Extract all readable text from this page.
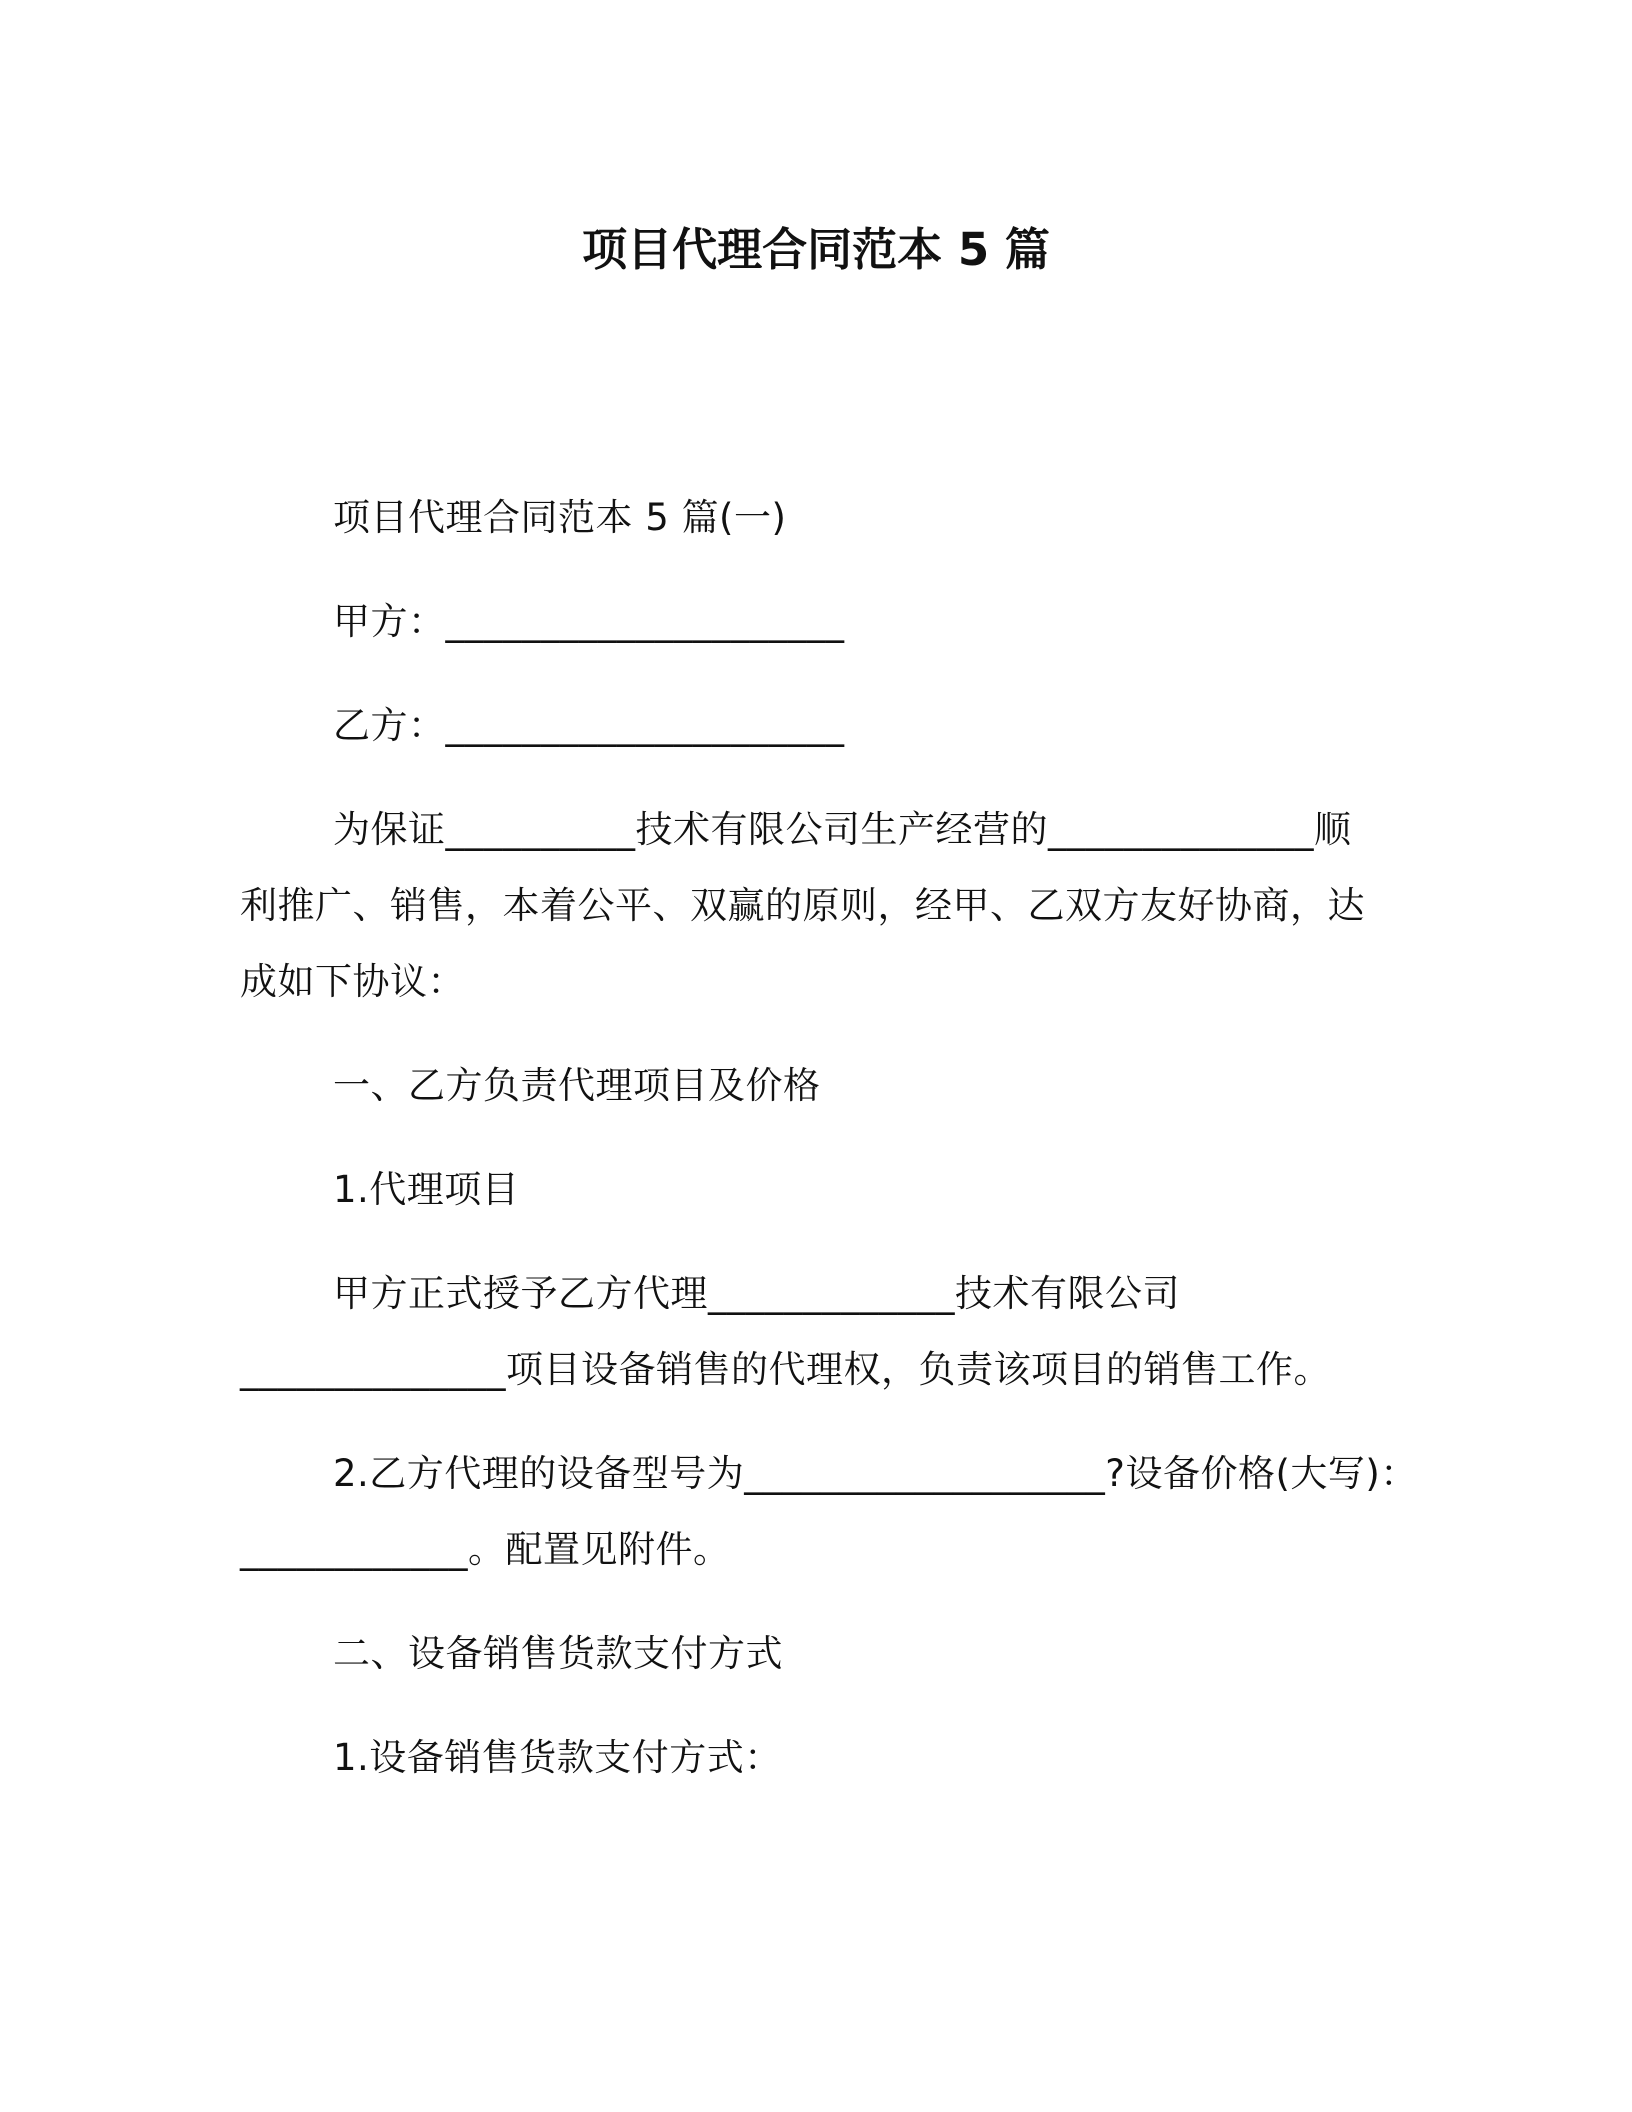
项目代理合同范本 5 篇
项目代理合同范本 5 篇(一)
甲方：_____________________
乙方：_____________________
为保证__________技术有限公司生产经营的______________顺
利推广、销售，本着公平、双赢的原则，经甲、乙双方友好协商，达
成如下协议：
一、乙方负责代理项目及价格
1.代理项目
甲方正式授予乙方代理_____________技术有限公司
______________项目设备销售的代理权，负责该项目的销售工作。
2.乙方代理的设备型号为___________________?设备价格(大写)：
____________。配置见附件。
二、设备销售货款支付方式
1.设备销售货款支付方式：
